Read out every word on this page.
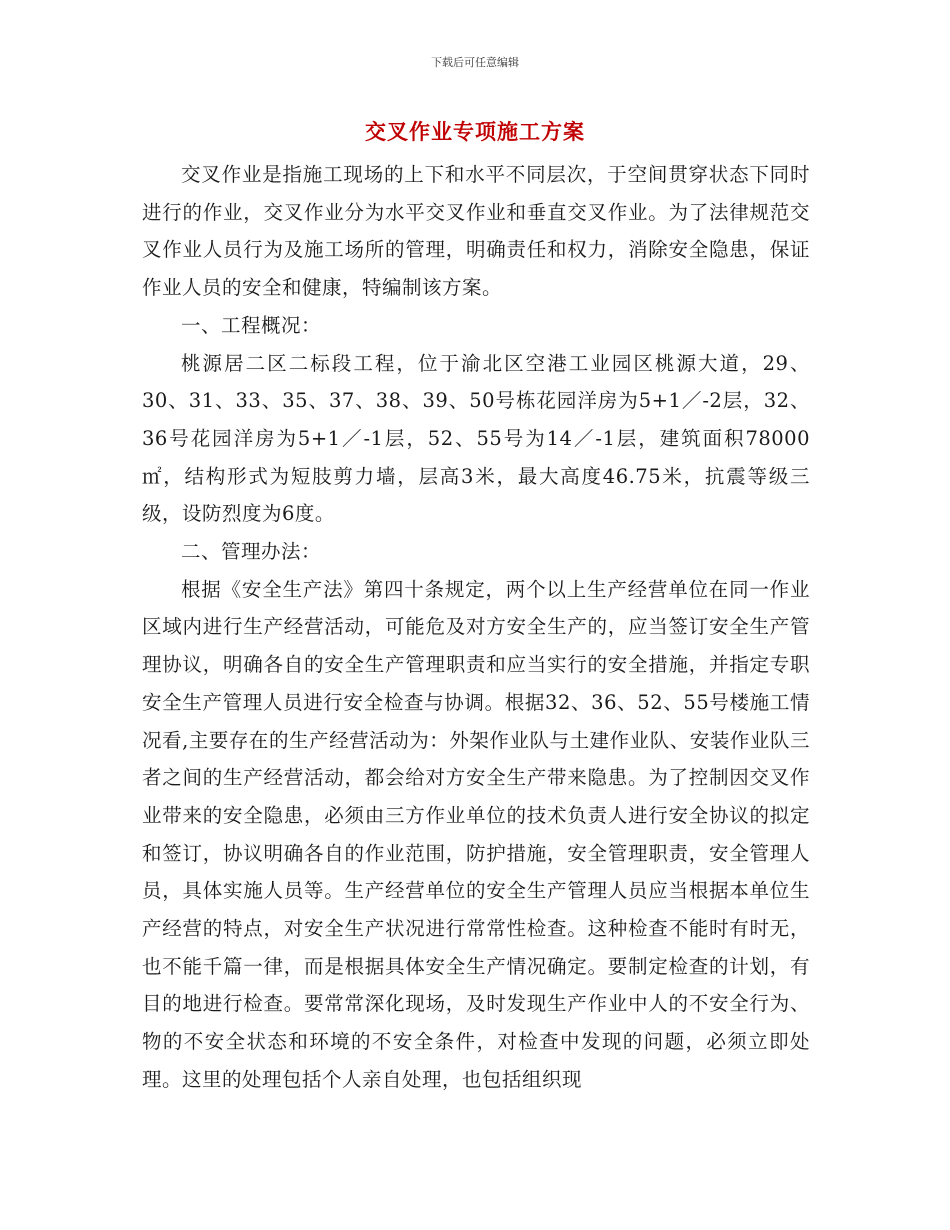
下载后可任意编辑
交叉作业专项施工方案

交叉作业是指施工现场的上下和水平不同层次，于空间贯穿状态下同时进行的作业，交叉作业分为水平交叉作业和垂直交叉作业。为了法律规范交叉作业人员行为及施工场所的管理，明确责任和权力，消除安全隐患，保证作业人员的安全和健康，特编制该方案。

一、工程概况：

桃源居二区二标段工程，位于渝北区空港工业园区桃源大道，29、30、31、33、35、37、38、39、50号栋花园洋房为5+1／-2层，32、36号花园洋房为5+1／-1层，52、55号为14／-1层，建筑面积78000㎡，结构形式为短肢剪力墙，层高3米，最大高度46.75米，抗震等级三级，设防烈度为6度。

二、管理办法：

根据《安全生产法》第四十条规定，两个以上生产经营单位在同一作业区域内进行生产经营活动，可能危及对方安全生产的，应当签订安全生产管理协议，明确各自的安全生产管理职责和应当实行的安全措施，并指定专职安全生产管理人员进行安全检查与协调。根据32、36、52、55号楼施工情况看,主要存在的生产经营活动为：外架作业队与土建作业队、安装作业队三者之间的生产经营活动，都会给对方安全生产带来隐患。为了控制因交叉作业带来的安全隐患，必须由三方作业单位的技术负责人进行安全协议的拟定和签订，协议明确各自的作业范围，防护措施，安全管理职责，安全管理人员，具体实施人员等。生产经营单位的安全生产管理人员应当根据本单位生产经营的特点，对安全生产状况进行常常性检查。这种检查不能时有时无，也不能千篇一律，而是根据具体安全生产情况确定。要制定检查的计划，有目的地进行检查。要常常深化现场，及时发现生产作业中人的不安全行为、物的不安全状态和环境的不安全条件，对检查中发现的问题，必须立即处理。这里的处理包括个人亲自处理，也包括组织现
